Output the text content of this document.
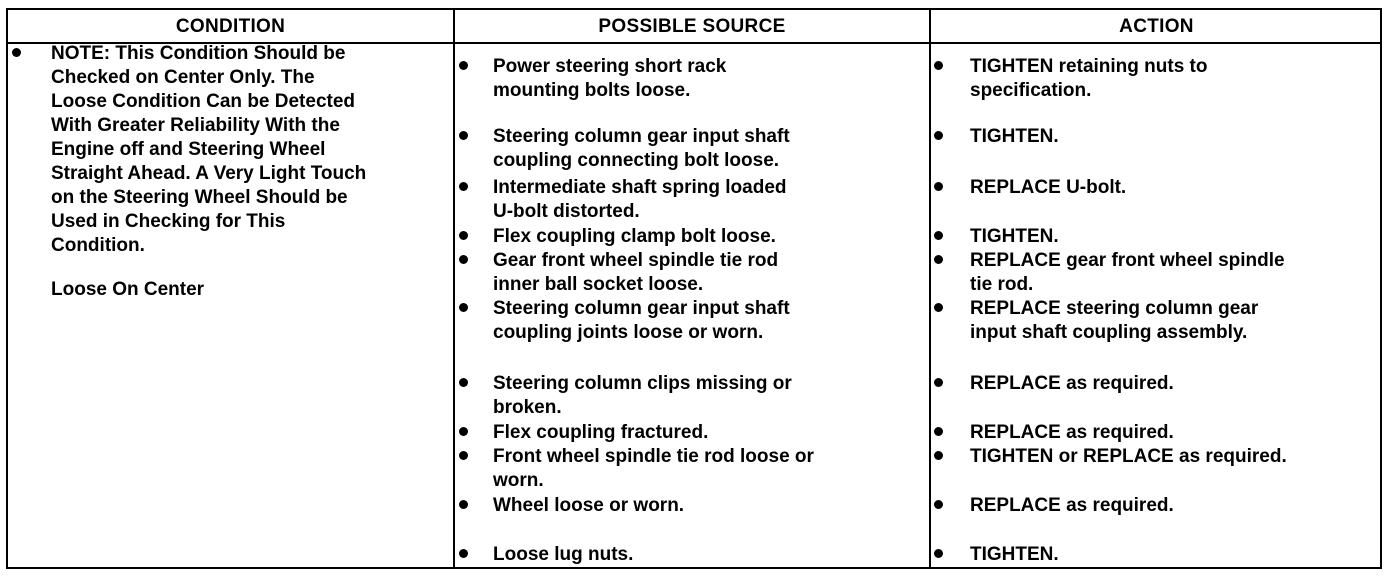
CONDITION	POSSIBLE SOURCE	ACTION
NOTE: This Condition Should be
Checked on Center Only. The
Loose Condition Can be Detected
With Greater Reliability With the
Engine off and Steering Wheel
Straight Ahead. A Very Light Touch
on the Steering Wheel Should be
Used in Checking for This
Condition.
Loose On Center
Power steering short rack
mounting bolts loose.
Steering column gear input shaft
coupling connecting bolt loose.
Intermediate shaft spring loaded
U-bolt distorted.
Flex coupling clamp bolt loose.
Gear front wheel spindle tie rod
inner ball socket loose.
Steering column gear input shaft
coupling joints loose or worn.
Steering column clips missing or
broken.
Flex coupling fractured.
Front wheel spindle tie rod loose or
worn.
Wheel loose or worn.
Loose lug nuts.
TIGHTEN retaining nuts to
specification.
TIGHTEN.
REPLACE U-bolt.
TIGHTEN.
REPLACE gear front wheel spindle
tie rod.
REPLACE steering column gear
input shaft coupling assembly.
REPLACE as required.
REPLACE as required.
TIGHTEN or REPLACE as required.
REPLACE as required.
TIGHTEN.
